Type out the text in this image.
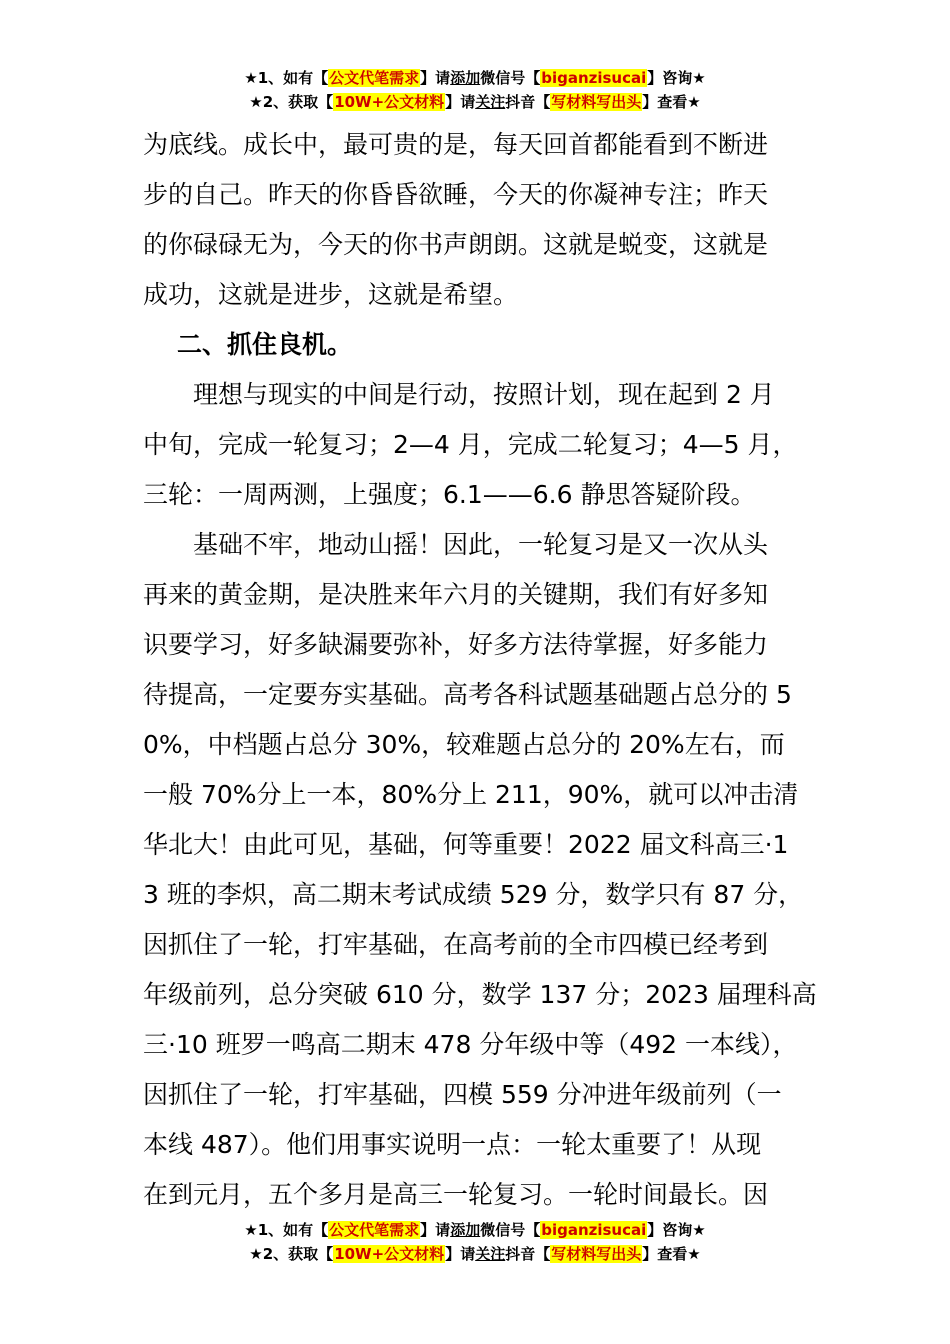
★1、如有【公文代笔需求】请添加微信号【biganzisucai】咨询★
★2、获取【10W+公文材料】请关注抖音【写材料写出头】查看★
为底线。成长中，最可贵的是，每天回首都能看到不断进
步的自己。昨天的你昏昏欲睡，今天的你凝神专注；昨天
的你碌碌无为，今天的你书声朗朗。这就是蜕变，这就是
成功，这就是进步，这就是希望。
二、抓住良机。
　　理想与现实的中间是行动，按照计划，现在起到 2 月
中旬，完成一轮复习；2—4 月，完成二轮复习；4—5 月，
三轮：一周两测，上强度；6.1——6.6 静思答疑阶段。
　　基础不牢，地动山摇！因此，一轮复习是又一次从头
再来的黄金期，是决胜来年六月的关键期，我们有好多知
识要学习，好多缺漏要弥补，好多方法待掌握，好多能力
待提高，一定要夯实基础。高考各科试题基础题占总分的 5
0%，中档题占总分 30%，较难题占总分的 20%左右，而
一般 70%分上一本，80%分上 211，90%，就可以冲击清
华北大！由此可见，基础，何等重要！2022 届文科高三·1
3 班的李炽，高二期末考试成绩 529 分，数学只有 87 分，
因抓住了一轮，打牢基础，在高考前的全市四模已经考到
年级前列，总分突破 610 分，数学 137 分；2023 届理科高
三·10 班罗一鸣高二期末 478 分年级中等（492 一本线），
因抓住了一轮，打牢基础，四模 559 分冲进年级前列（一
本线 487）。他们用事实说明一点：一轮太重要了！从现
在到元月，五个多月是高三一轮复习。一轮时间最长。因
★1、如有【公文代笔需求】请添加微信号【biganzisucai】咨询★
★2、获取【10W+公文材料】请关注抖音【写材料写出头】查看★
